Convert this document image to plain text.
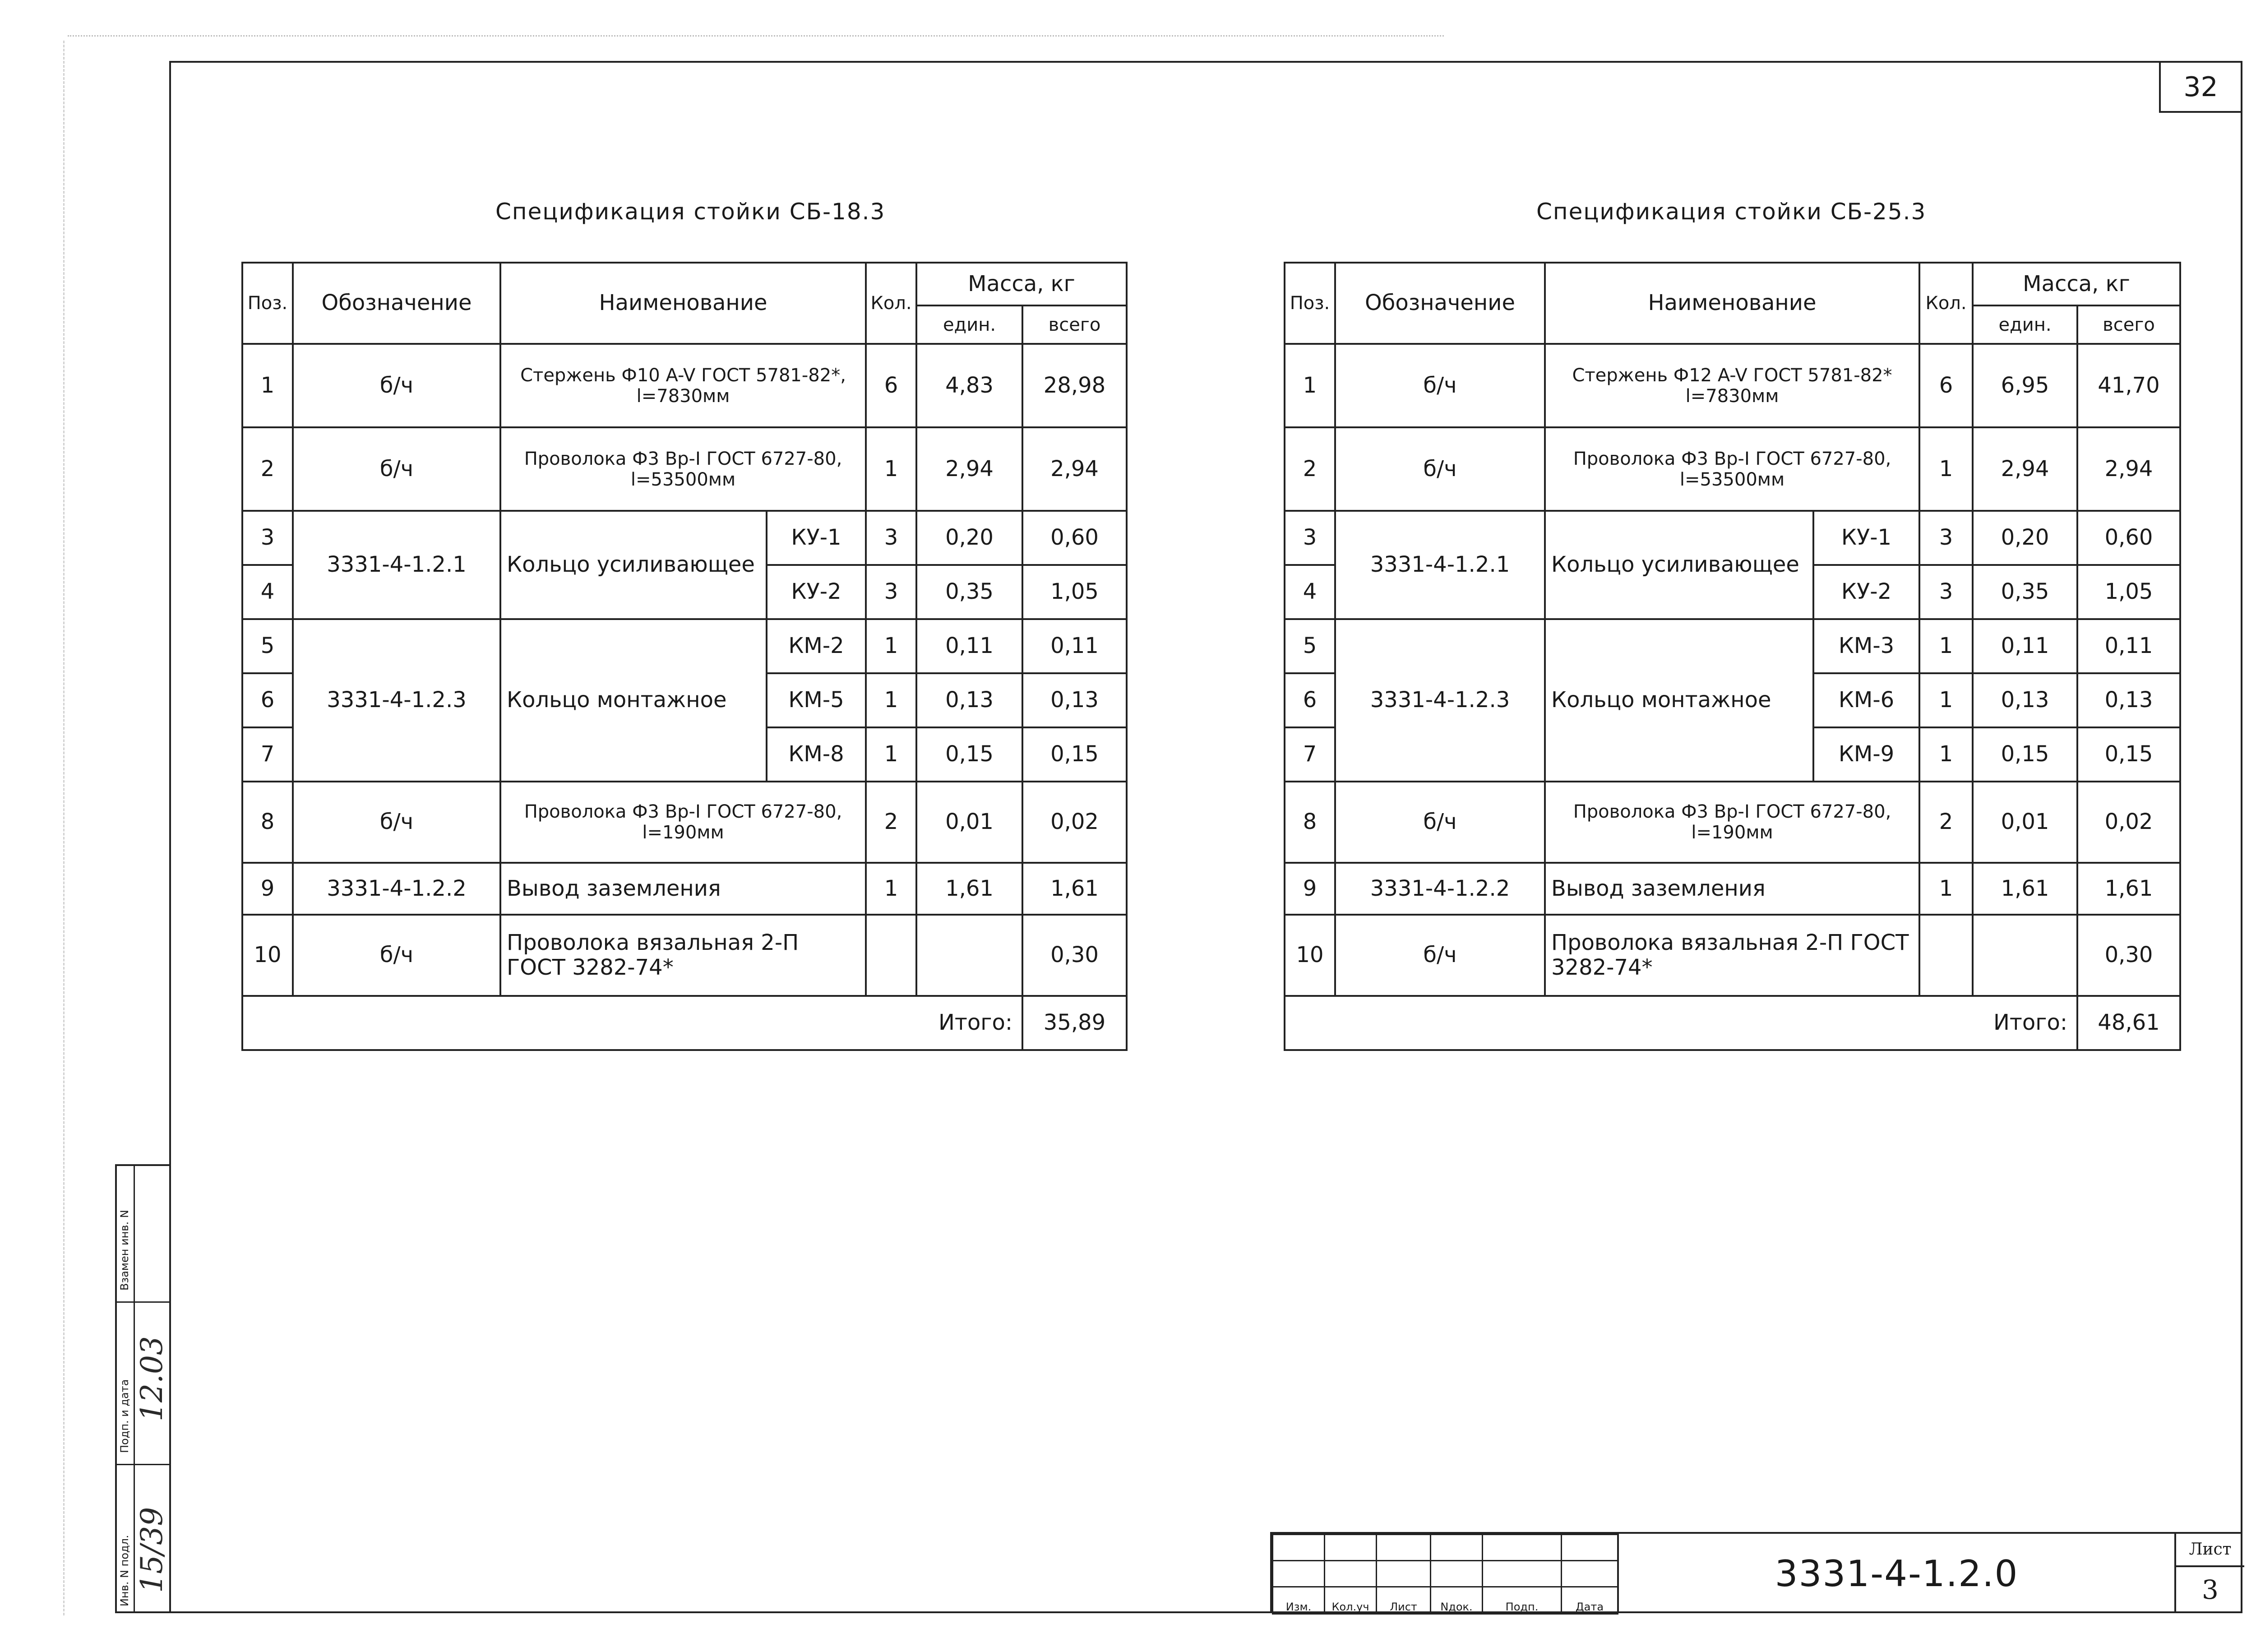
32
Спецификация стойки СБ-18.3
Поз.	Обозначение	Наименование		Кол.	Масса, кг	
					един.	всего
1	б/ч	Стержень Ф10 A-V ГОСТ 5781-82*, l=7830мм		6	4,83	28,98
2	б/ч	Проволока Ф3 Вр-I ГОСТ 6727-80, l=53500мм		1	2,94	2,94
3	3331-4-1.2.1	Кольцо усиливающее	КУ-1	3	0,20	0,60
4			КУ-2	3	0,35	1,05
5	3331-4-1.2.3	Кольцо монтажное	КМ-2	1	0,11	0,11
6			КМ-5	1	0,13	0,13
7			КМ-8	1	0,15	0,15
8	б/ч	Проволока Ф3 Вр-I ГОСТ 6727-80, l=190мм		2	0,01	0,02
9	3331-4-1.2.2	Вывод заземления		1	1,61	1,61
10	б/ч	Проволока вязальная 2-П ГОСТ 3282-74*				0,30
Итого:						35,89
Спецификация стойки СБ-25.3
Поз.	Обозначение	Наименование		Кол.	Масса, кг	
					един.	всего
1	б/ч	Стержень Ф12 A-V ГОСТ 5781-82* l=7830мм		6	6,95	41,70
2	б/ч	Проволока Ф3 Вр-I ГОСТ 6727-80, l=53500мм		1	2,94	2,94
3	3331-4-1.2.1	Кольцо усиливающее	КУ-1	3	0,20	0,60
4			КУ-2	3	0,35	1,05
5	3331-4-1.2.3	Кольцо монтажное	КМ-3	1	0,11	0,11
6			КМ-6	1	0,13	0,13
7			КМ-9	1	0,15	0,15
8	б/ч	Проволока Ф3 Вр-I ГОСТ 6727-80, l=190мм		2	0,01	0,02
9	3331-4-1.2.2	Вывод заземления		1	1,61	1,61
10	б/ч	Проволока вязальная 2-П ГОСТ 3282-74*				0,30
Итого:						48,61

Изм.	Кол.уч	Лист	Nдок.	Подп.	Дата
3331-4-1.2.0
Лист
3
Инв. N подл. 15/39
Подп. и дата 12.03
Взамен инв. N
